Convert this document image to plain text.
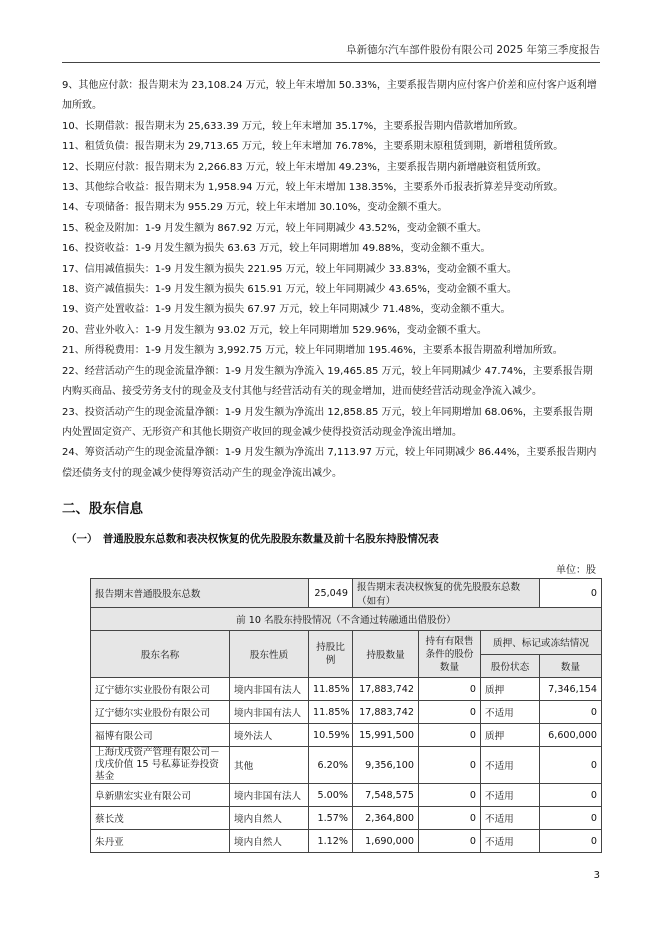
阜新德尔汽车部件股份有限公司 2025 年第三季度报告

9、其他应付款：报告期末为 23,108.24 万元，较上年末增加 50.33%，主要系报告期内应付客户价差和应付客户返利增加所致。

10、长期借款：报告期末为 25,633.39 万元，较上年末增加 35.17%，主要系报告期内借款增加所致。

11、租赁负债：报告期末为 29,713.65 万元，较上年末增加 76.78%，主要系期末原租赁到期，新增租赁所致。

12、长期应付款：报告期末为 2,266.83 万元，较上年末增加 49.23%，主要系报告期内新增融资租赁所致。

13、其他综合收益：报告期末为 1,958.94 万元，较上年末增加 138.35%，主要系外币报表折算差异变动所致。

14、专项储备：报告期末为 955.29 万元，较上年末增加 30.10%，变动金额不重大。

15、税金及附加：1-9 月发生额为 867.92 万元，较上年同期减少 43.52%，变动金额不重大。

16、投资收益：1-9 月发生额为损失 63.63 万元，较上年同期增加 49.88%，变动金额不重大。

17、信用减值损失：1-9 月发生额为损失 221.95 万元，较上年同期减少 33.83%，变动金额不重大。

18、资产减值损失：1-9 月发生额为损失 615.91 万元，较上年同期减少 43.65%，变动金额不重大。

19、资产处置收益：1-9 月发生额为损失 67.97 万元，较上年同期减少 71.48%，变动金额不重大。

20、营业外收入：1-9 月发生额为 93.02 万元，较上年同期增加 529.96%，变动金额不重大。

21、所得税费用：1-9 月发生额为 3,992.75 万元，较上年同期增加 195.46%，主要系本报告期盈利增加所致。

22、经营活动产生的现金流量净额：1-9 月发生额为净流入 19,465.85 万元，较上年同期减少 47.74%，主要系报告期内购买商品、接受劳务支付的现金及支付其他与经营活动有关的现金增加，进而使经营活动现金净流入减少。

23、投资活动产生的现金流量净额：1-9 月发生额为净流出 12,858.85 万元，较上年同期增加 68.06%，主要系报告期内处置固定资产、无形资产和其他长期资产收回的现金减少使得投资活动现金净流出增加。

24、筹资活动产生的现金流量净额：1-9 月发生额为净流出 7,113.97 万元，较上年同期减少 86.44%，主要系报告期内偿还债务支付的现金减少使得筹资活动产生的现金净流出减少。

二、股东信息
（一）　普通股股东总数和表决权恢复的优先股股东数量及前十名股东持股情况表
单位：股
报告期末普通股股东总数		25,049	报告期末表决权恢复的优先股股东总数（如有）			0
前 10 名股东持股情况（不含通过转融通出借股份）						
股东名称	股东性质	持股比例	持股数量	持有有限售条件的股份数量	质押、标记或冻结情况	
					股份状态	数量
辽宁德尔实业股份有限公司	境内非国有法人	11.85%	17,883,742	0	质押	7,346,154
辽宁德尔实业股份有限公司	境内非国有法人	11.85%	17,883,742	0	不适用	0
福博有限公司	境外法人	10.59%	15,991,500	0	质押	6,600,000
上海戊戌资产管理有限公司－戊戌价值 15 号私募证券投资基金	其他	6.20%	9,356,100	0	不适用	0
阜新鼎宏实业有限公司	境内非国有法人	5.00%	7,548,575	0	不适用	0
蔡长茂	境内自然人	1.57%	2,364,800	0	不适用	0
朱丹亚	境内自然人	1.12%	1,690,000	0	不适用	0
3
